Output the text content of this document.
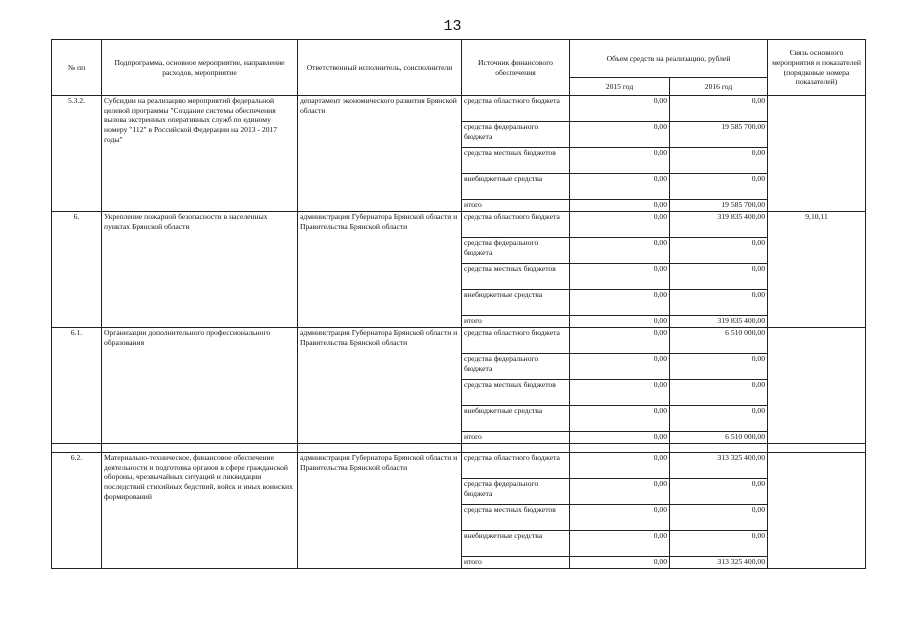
13
№ пп	Подпрограмма, основное мероприятие, направление расходов, мероприятие	Ответственный исполнитель, соисполнители	Источник финансового обеспечения	Объем средств на реализацию, рублей		Связь основного мероприятия и показателей (порядковые номера показателей)
				2015 год	2016 год	
5.3.2.	Субсидии на реализацию мероприятий федеральной целевой программы "Создание системы обеспечения вызова экстренных оперативных служб по единому номеру "112" в Российской Федерации на 2013 - 2017 годы"	департамент экономического развития Брянской области	средства областного бюджета	0,00	0,00	
			средства федерального бюджета	0,00	19 585 700,00	
			средства местных бюджетов	0,00	0,00	
			внебюджетные средства	0,00	0,00	
			итого	0,00	19 585 700,00	
6.	Укрепление пожарной безопасности в населенных пунктах Брянской области	администрация Губернатора Брянской области и Правительства Брянской области	средства областного бюджета	0,00	319 835 400,00	9,10,11
			средства федерального бюджета	0,00	0,00	
			средства местных бюджетов	0,00	0,00	
			внебюджетные средства	0,00	0,00	
			итого	0,00	319 835 400,00	
6.1.	Организации дополнительного профессионального образования	администрация Губернатора Брянской области и Правительства Брянской области	средства областного бюджета	0,00	6 510 000,00	
			средства федерального бюджета	0,00	0,00	
			средства местных бюджетов	0,00	0,00	
			внебюджетные средства	0,00	0,00	
			итого	0,00	6 510 000,00	

6.2.	Материально-техническое, финансовое обеспечение деятельности и подготовка органов в сфере гражданской обороны, чрезвычайных ситуаций и ликвидации последствий стихийных бедствий, войск и иных воинских формирований	администрация Губернатора Брянской области и Правительства Брянской области	средства областного бюджета	0,00	313 325 400,00	
			средства федерального бюджета	0,00	0,00	
			средства местных бюджетов	0,00	0,00	
			внебюджетные средства	0,00	0,00	
			итого	0,00	313 325 400,00	
